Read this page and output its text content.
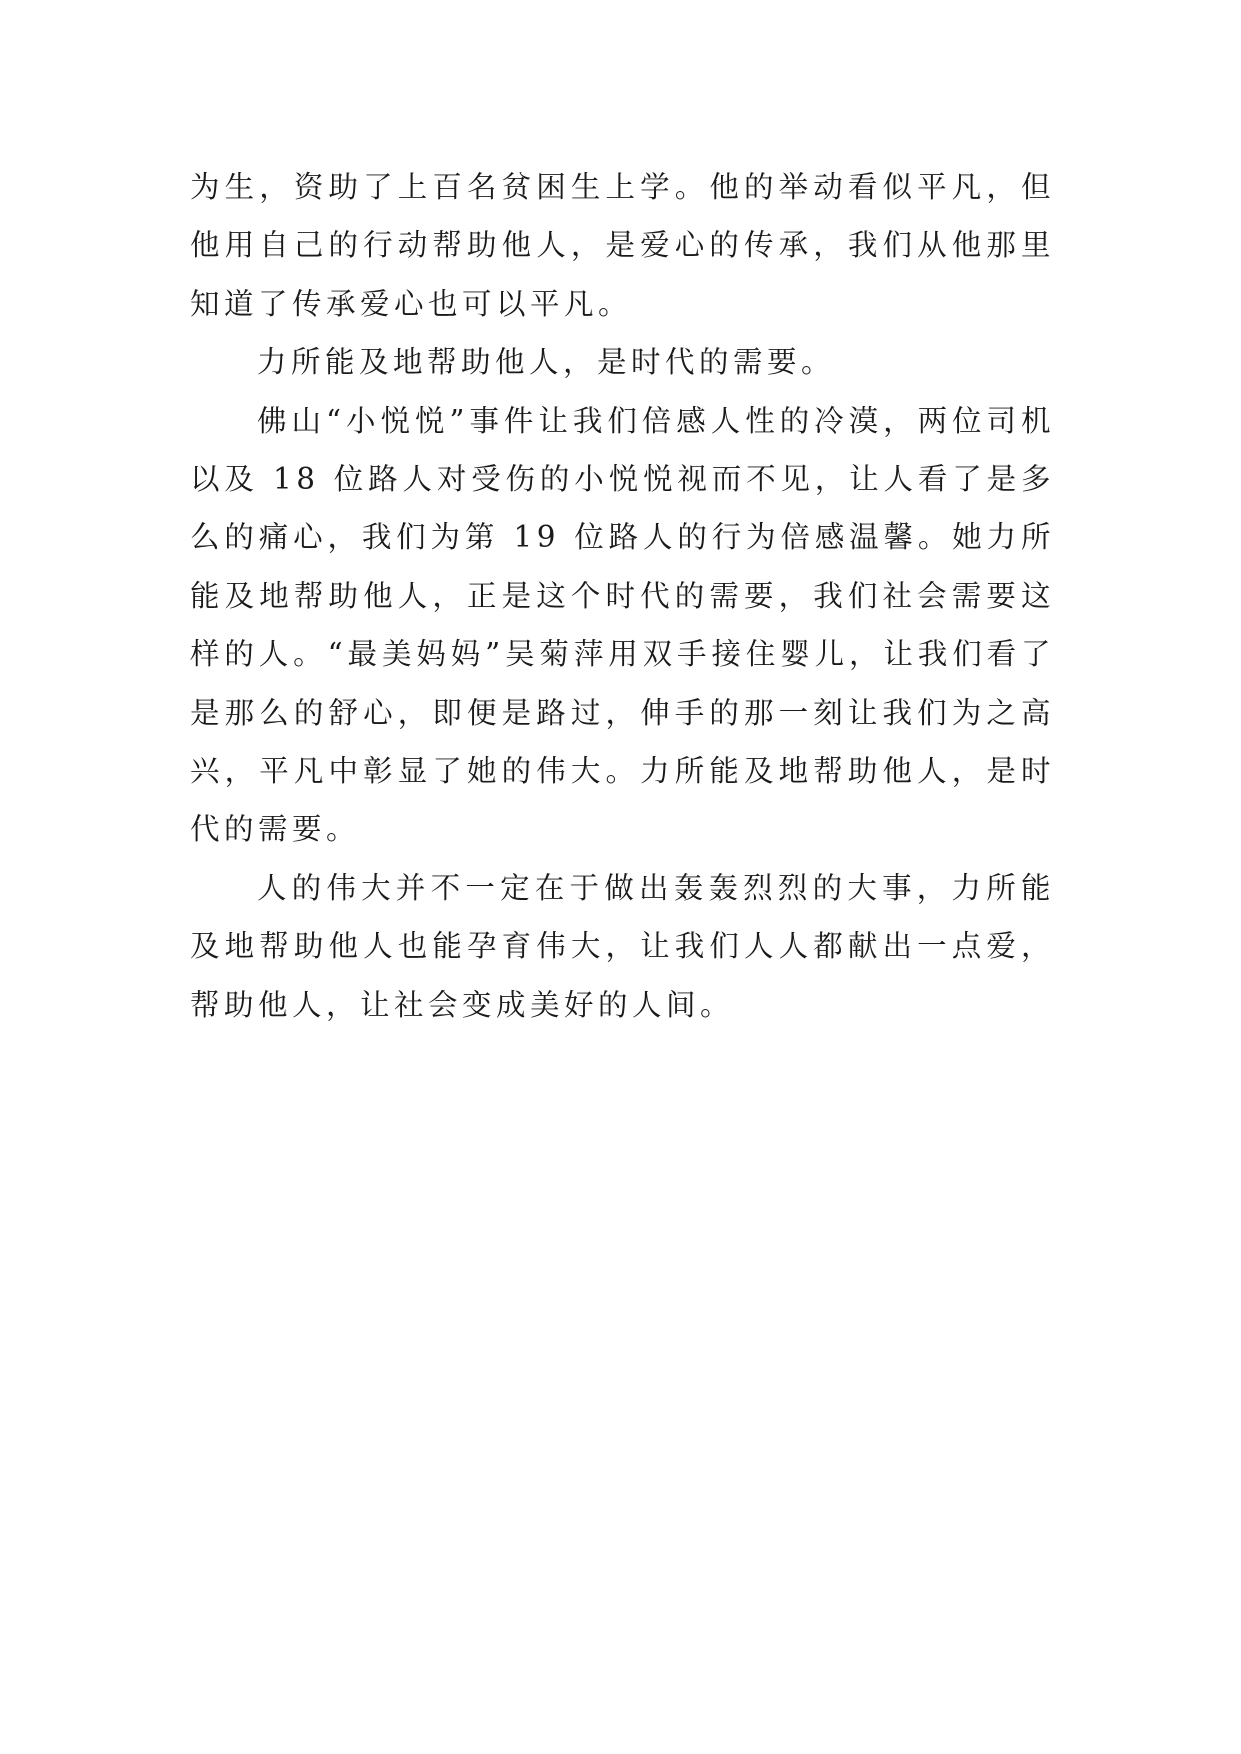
为生，资助了上百名贫困生上学。他的举动看似平凡，但他用自己的行动帮助他人，是爱心的传承，我们从他那里知道了传承爱心也可以平凡。

力所能及地帮助他人，是时代的需要。

佛山“小悦悦”事件让我们倍感人性的冷漠，两位司机以及 18 位路人对受伤的小悦悦视而不见，让人看了是多么的痛心，我们为第 19 位路人的行为倍感温馨。她力所能及地帮助他人，正是这个时代的需要，我们社会需要这样的人。“最美妈妈”吴菊萍用双手接住婴儿，让我们看了是那么的舒心，即便是路过，伸手的那一刻让我们为之高兴，平凡中彰显了她的伟大。力所能及地帮助他人，是时代的需要。

人的伟大并不一定在于做出轰轰烈烈的大事，力所能及地帮助他人也能孕育伟大，让我们人人都献出一点爱，帮助他人，让社会变成美好的人间。
